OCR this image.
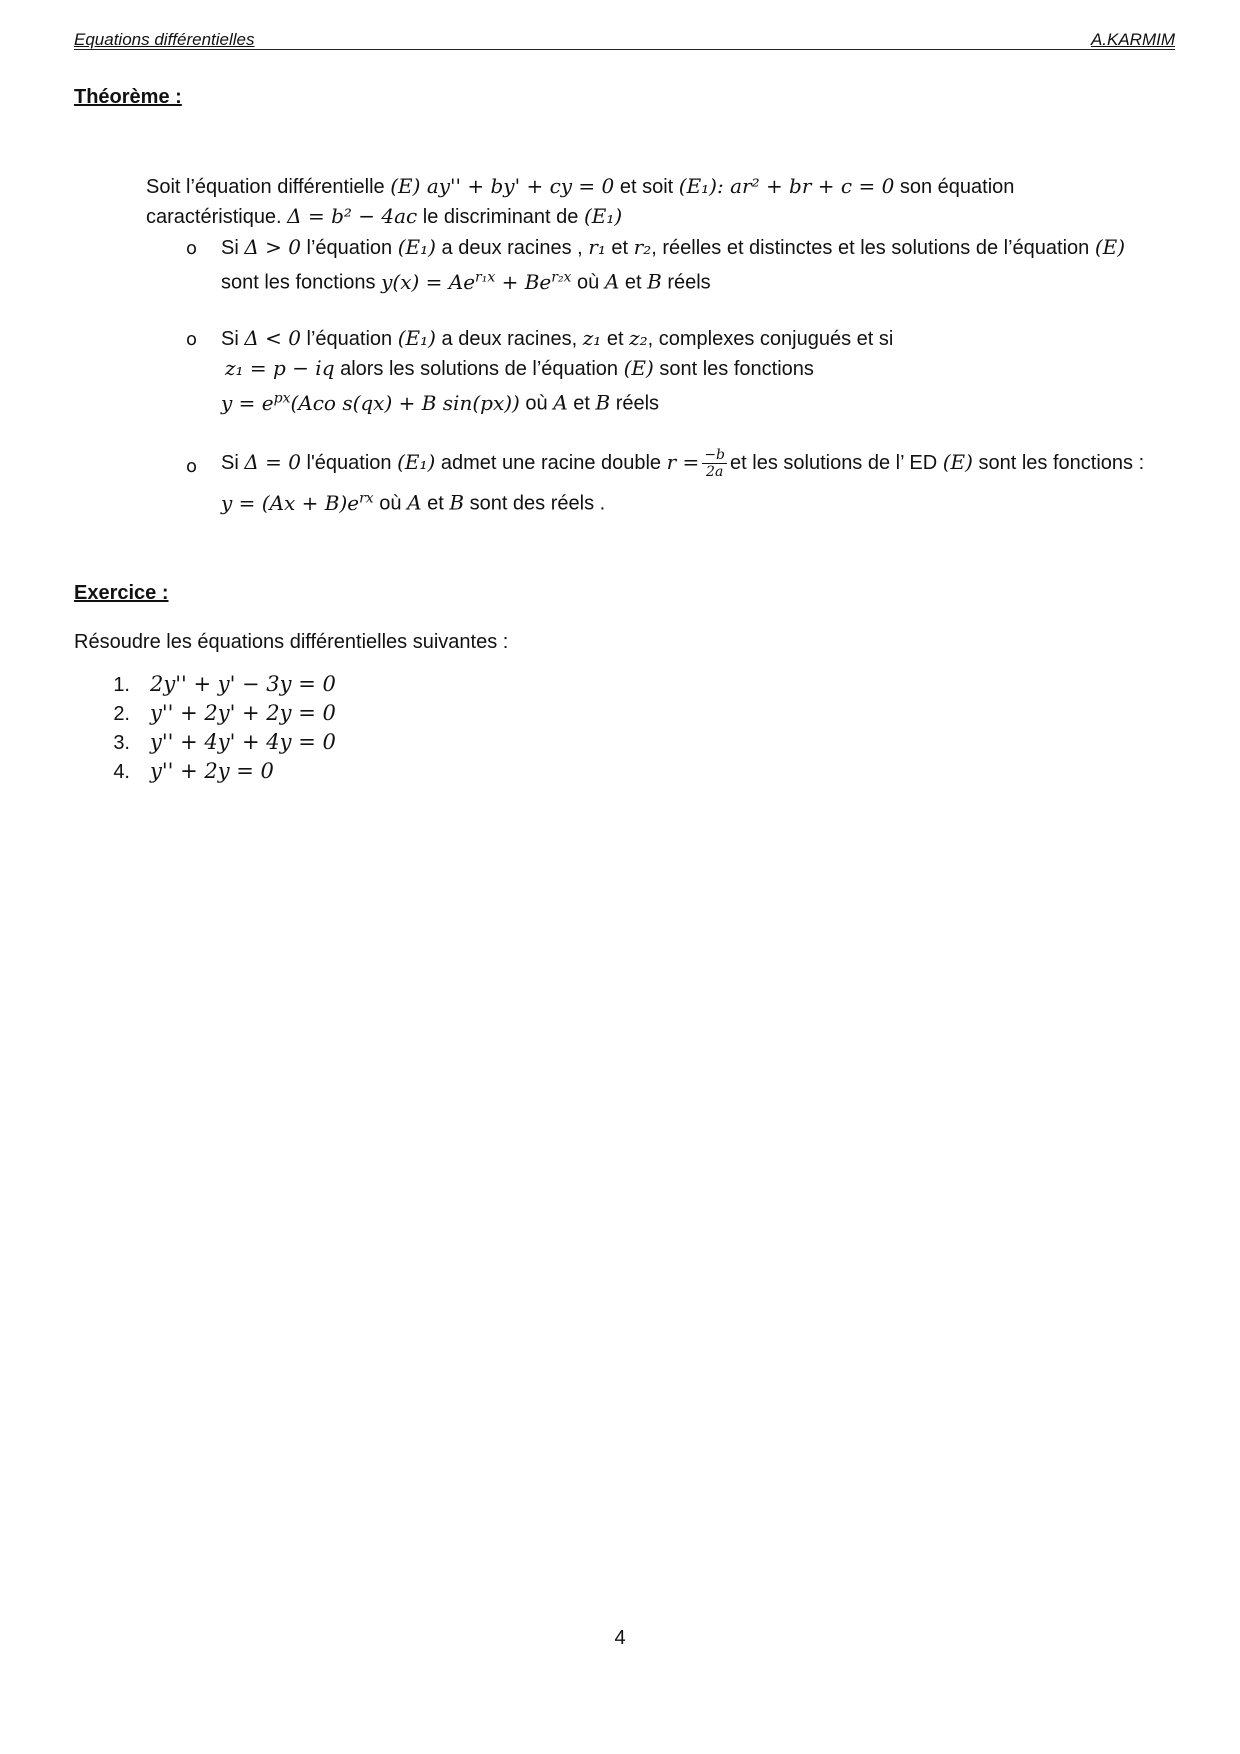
Equations différentielles	A.KARMIM
Théorème :
Soit l’équation différentielle (E) ay'' + by' + cy = 0 et soit (E₁): ar² + br + c = 0 son équation
caractéristique. Δ = b² − 4ac le discriminant de (E₁)
o Si Δ > 0 l’équation (E₁) a deux racines , r₁ et r₂, réelles et distinctes et les solutions de l’équation (E)
sont les fonctions $y(x) = Ae^{r_1x} + Be^{r_2x}$ où A et B réels
o Si Δ < 0 l’équation (E₁) a deux racines, z₁ et z₂, complexes conjugués et si
z₁ = p − iq alors les solutions de l’équation (E) sont les fonctions
$y = e^{px}(Aco$ s(qx) + B sin(px)) où A et B réels
o Si Δ = 0 l'équation (E₁) admet une racine double $r = \frac{-b}{2a}$ et les solutions de l’ ED (E) sont les fonctions :
$y = (Ax + B)e^{rx}$ où A et B sont des réels .
Exercice :
Résoudre les équations différentielles suivantes :
1. 2y'' + y' − 3y = 0
2. y'' + 2y' + 2y = 0
3. y'' + 4y' + 4y = 0
4. y'' + 2y = 0
4
